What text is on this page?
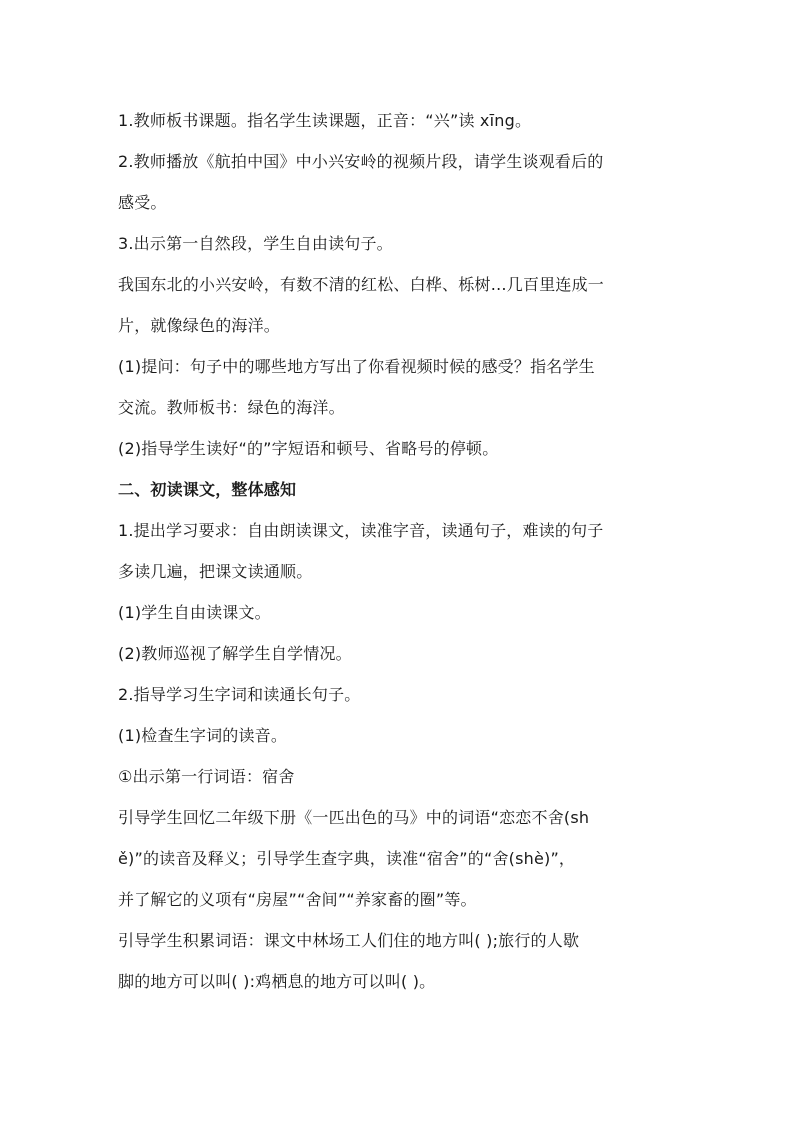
1.教师板书课题。指名学生读课题，正音：“兴”读 xīng。
2.教师播放《航拍中国》中小兴安岭的视频片段，请学生谈观看后的
感受。
3.出示第一自然段，学生自由读句子。
我国东北的小兴安岭，有数不清的红松、白桦、栎树…几百里连成一
片，就像绿色的海洋。
(1)提问：句子中的哪些地方写出了你看视频时候的感受？指名学生
交流。教师板书：绿色的海洋。
(2)指导学生读好“的”字短语和顿号、省略号的停顿。
二、初读课文，整体感知
1.提出学习要求：自由朗读课文，读准字音，读通句子，难读的句子
多读几遍，把课文读通顺。
(1)学生自由读课文。
(2)教师巡视了解学生自学情况。
2.指导学习生字词和读通长句子。
(1)检查生字词的读音。
①出示第一行词语：宿舍
引导学生回忆二年级下册《一匹出色的马》中的词语“恋恋不舍(sh
ě)”的读音及释义；引导学生查字典，读准“宿舍”的“舍(shè)”，
并了解它的义项有“房屋”“舍间”“养家畜的圈”等。
引导学生积累词语：课文中林场工人们住的地方叫( );旅行的人歇
脚的地方可以叫( ):鸡栖息的地方可以叫( )。
